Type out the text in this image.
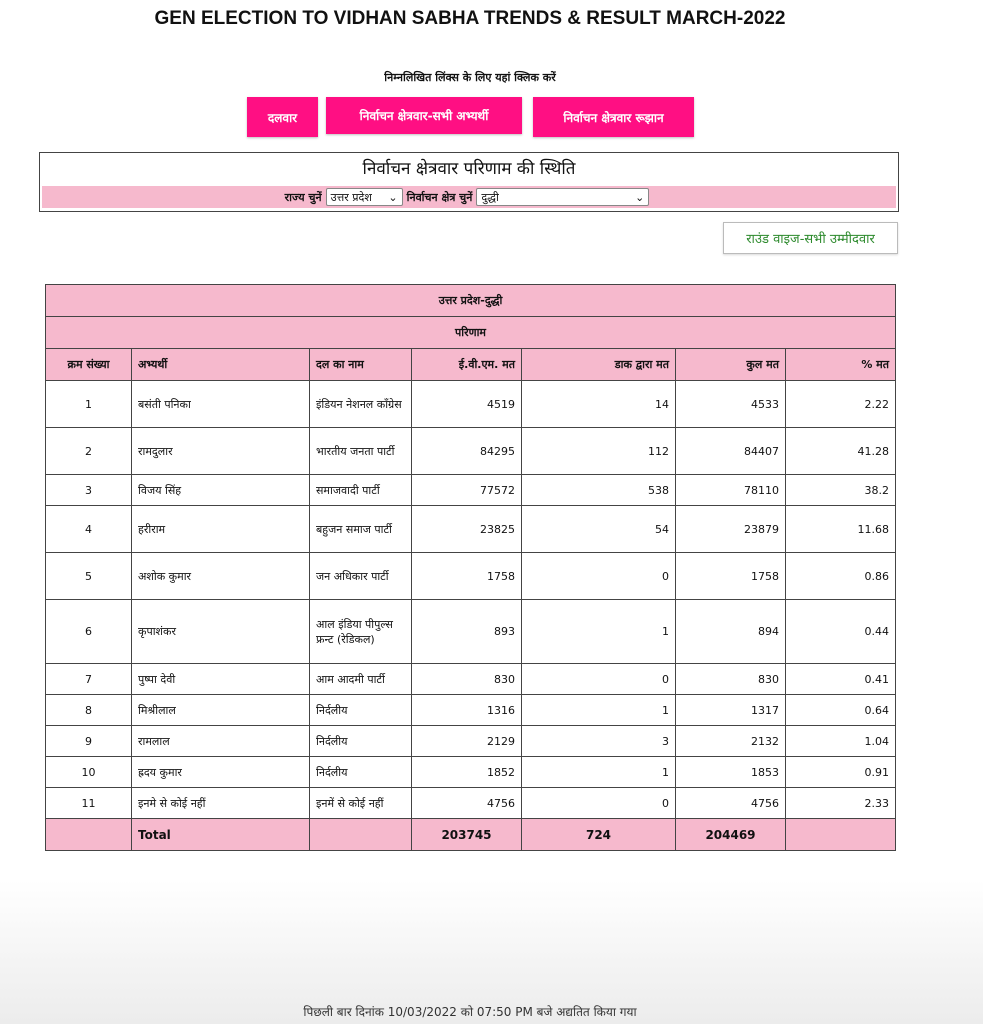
GEN ELECTION TO VIDHAN SABHA TRENDS & RESULT MARCH-2022
निम्नलिखित लिंक्स के लिए यहां क्लिक करें
दलवार	निर्वाचन क्षेत्रवार-सभी अभ्यर्थी	निर्वाचन क्षेत्रवार रूझान
निर्वाचन क्षेत्रवार परिणाम की स्थिति
राज्य चुनें उत्तर प्रदेश ⌄ निर्वाचन क्षेत्र चुनें दुद्धी	⌄
राउंड वाइज-सभी उम्मीदवार
उत्तर प्रदेश-दुद्धी						
परिणाम						
क्रम संख्या	अभ्यर्थी	दल का नाम	ई.वी.एम. मत	डाक द्वारा मत	कुल मत	% मत
1	बसंती पनिका	इंडियन नेशनल कॉंग्रेस	4519	14	4533	2.22
2	रामदुलार	भारतीय जनता पार्टी	84295	112	84407	41.28
3	विजय सिंह	समाजवादी पार्टी	77572	538	78110	38.2
4	हरीराम	बहुजन समाज पार्टी	23825	54	23879	11.68
5	अशोक कुमार	जन अधिकार पार्टी	1758	0	1758	0.86
6	कृपाशंकर	आल इंडिया पीपुल्स फ्रन्ट (रेडिकल)	893	1	894	0.44
7	पुष्पा देवी	आम आदमी पार्टी	830	0	830	0.41
8	मिश्रीलाल	निर्दलीय	1316	1	1317	0.64
9	रामलाल	निर्दलीय	2129	3	2132	1.04
10	ह्रदय कुमार	निर्दलीय	1852	1	1853	0.91
11	इनमे से कोई नहीं	इनमें से कोई नहीं	4756	0	4756	2.33
	Total		203745	724	204469	
पिछली बार दिनांक 10/03/2022 को 07:50 PM बजे अद्यतित किया गया
